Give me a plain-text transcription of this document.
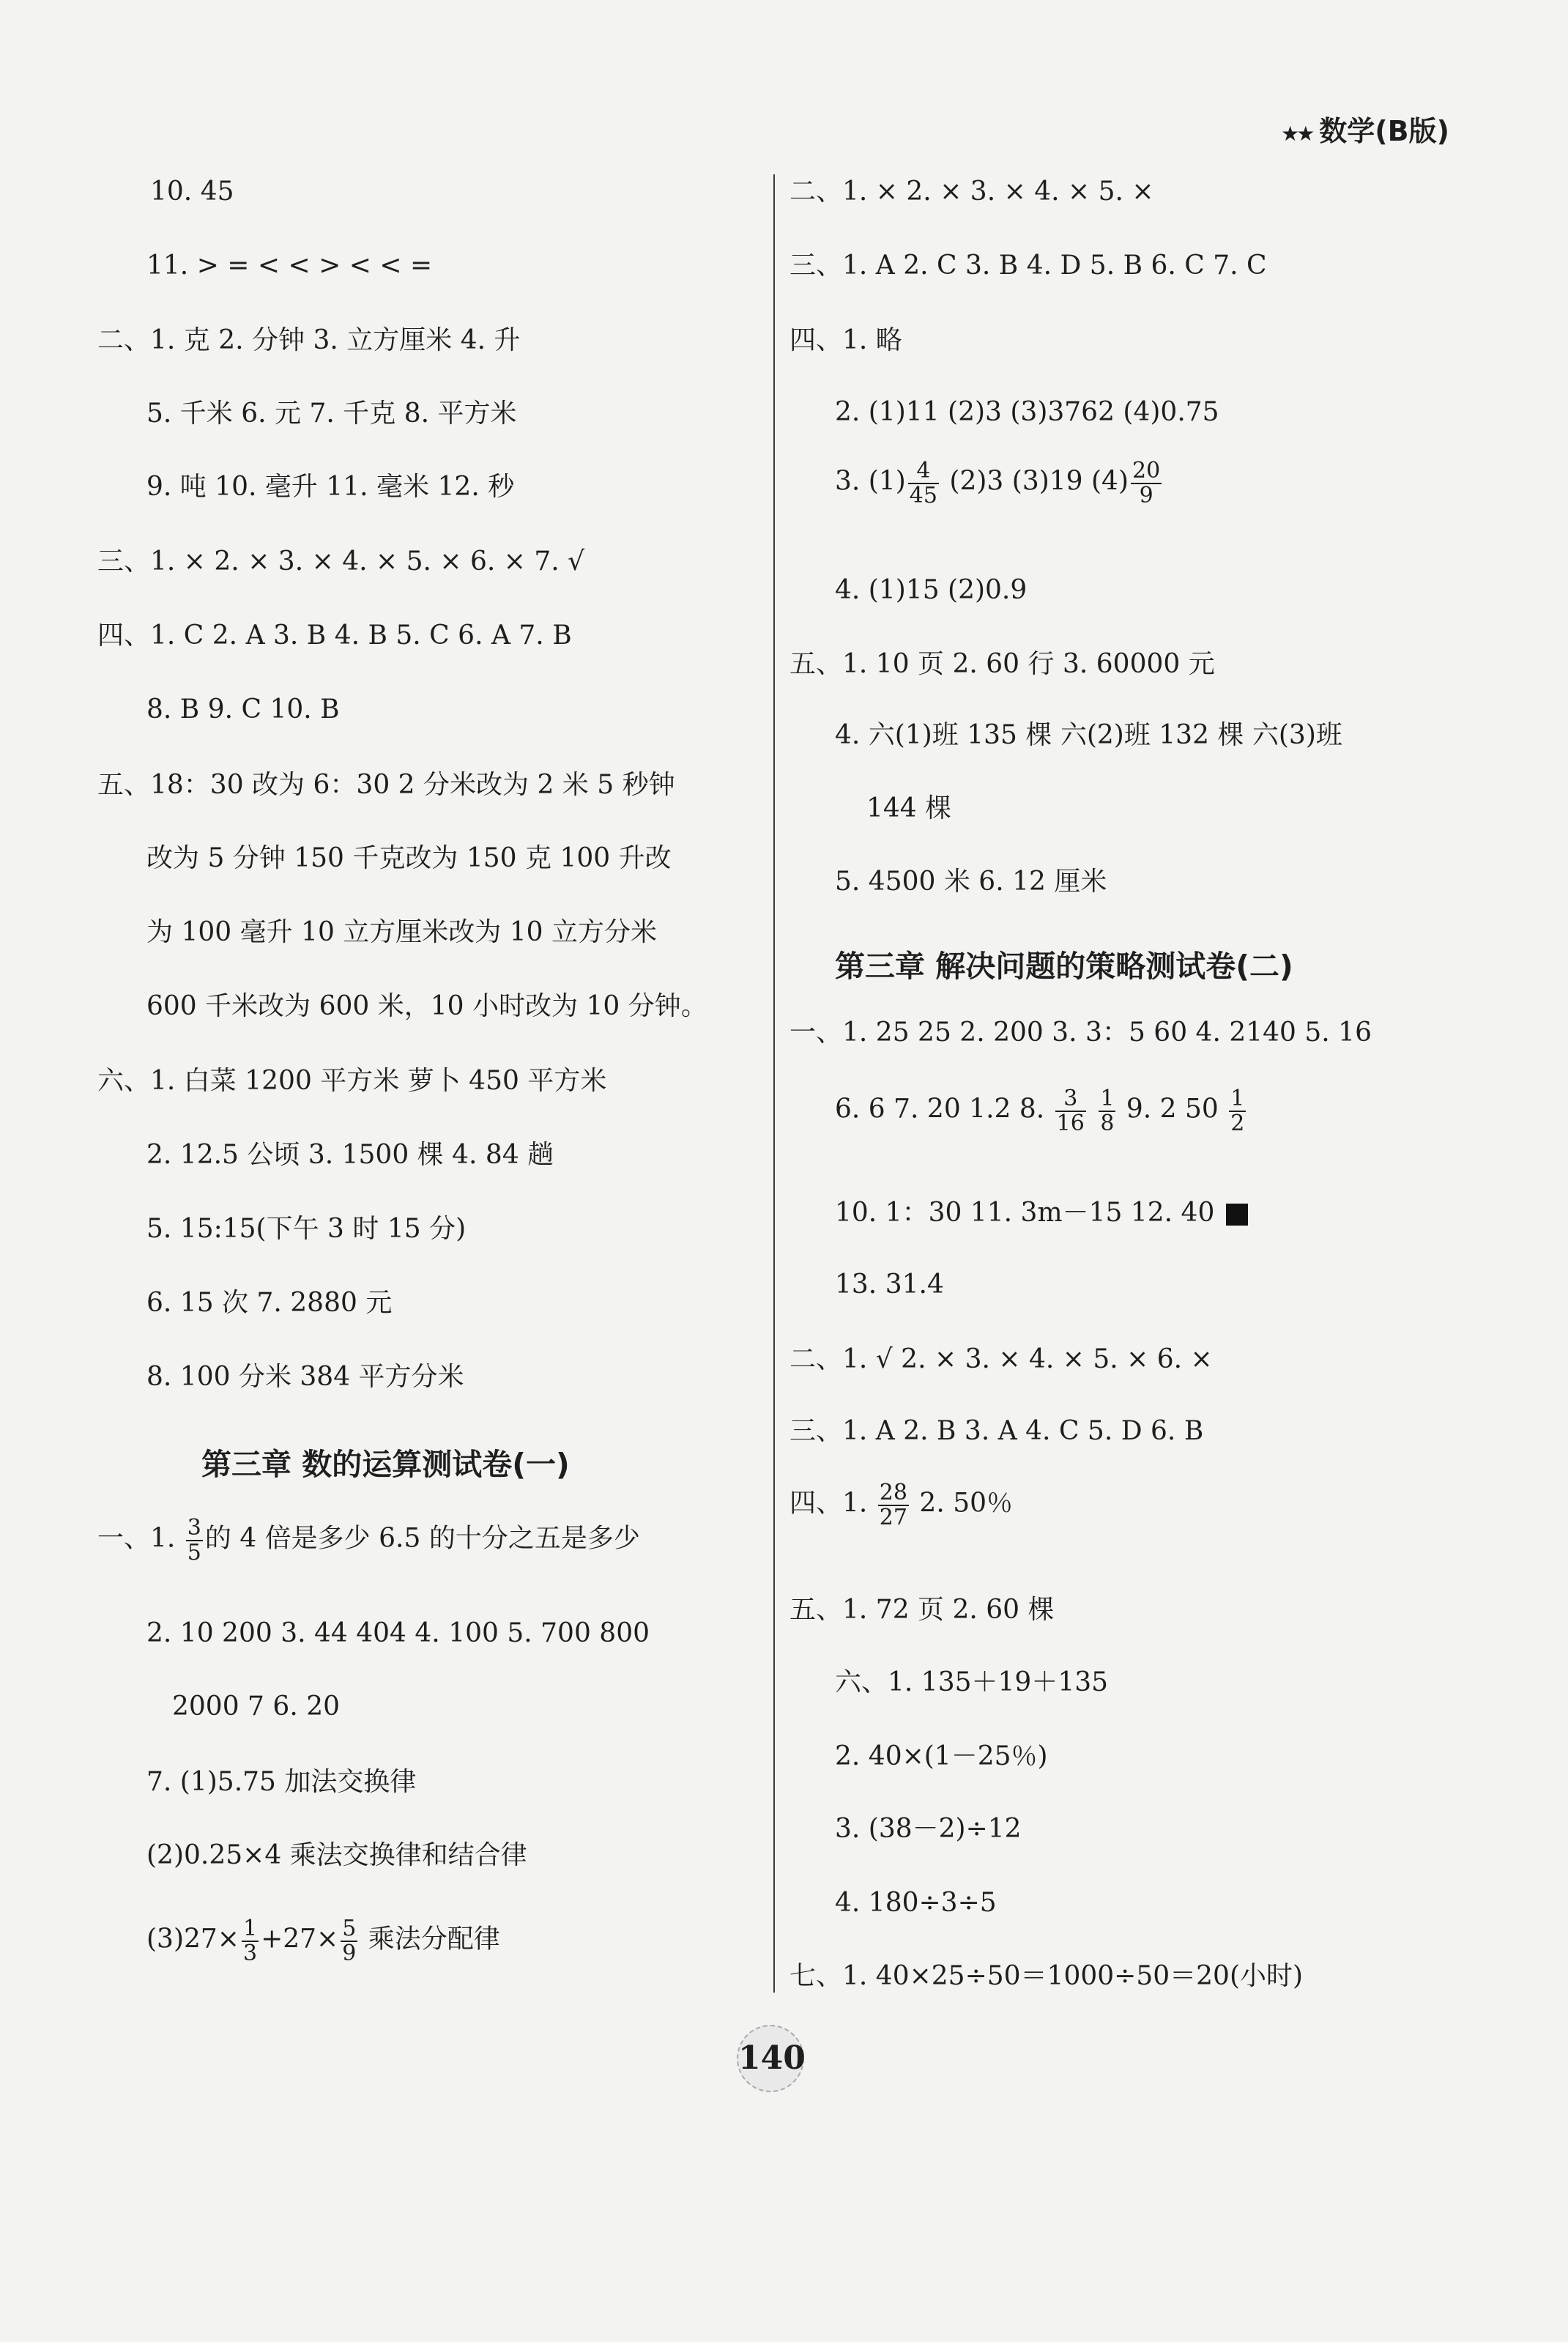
★★ 数学(B版)
10. 45
11. > = < < > < < =
二、1. 克 2. 分钟 3. 立方厘米 4. 升
5. 千米 6. 元 7. 千克 8. 平方米
9. 吨 10. 毫升 11. 毫米 12. 秒
三、1. × 2. × 3. × 4. × 5. × 6. × 7. √
四、1. C 2. A 3. B 4. B 5. C 6. A 7. B
8. B 9. C 10. B
五、18：30 改为 6：30 2 分米改为 2 米 5 秒钟
改为 5 分钟 150 千克改为 150 克 100 升改
为 100 毫升 10 立方厘米改为 10 立方分米
600 千米改为 600 米，10 小时改为 10 分钟。
六、1. 白菜 1200 平方米 萝卜 450 平方米
2. 12.5 公顷 3. 1500 棵 4. 84 趟
5. 15:15(下午 3 时 15 分)
6. 15 次 7. 2880 元
8. 100 分米 384 平方分米
第三章 数的运算测试卷(一)
一、1. $\frac{3}{5}$ 的 4 倍是多少 6.5 的十分之五是多少
2. 10 200 3. 44 404 4. 100 5. 700 800
2000 7 6. 20
7. (1)5.75 加法交换律
(2)0.25×4 乘法交换律和结合律
$(3)27\times \frac{1}{3} +27\times \frac{5}{9}$ 乘法分配律
二、1. × 2. × 3. × 4. × 5. ×
三、1. A 2. C 3. B 4. D 5. B 6. C 7. C
四、1. 略
2. (1)11 (2)3 (3)3762 (4)0.75
3. $(1) \frac{4}{45} (2)3$ (3)19 $(4) \frac{20}{9}$
4. (1)15 (2)0.9
五、1. 10 页 2. 60 行 3. 60000 元
4. 六(1)班 135 棵 六(2)班 132 棵 六(3)班
144 棵
5. 4500 米 6. 12 厘米
第三章 解决问题的策略测试卷(二)
一、1. 25 25 2. 200 3. 3：5 60 4. 2140 5. 16
6. 6 7. 20 1.2 8. $\frac{3}{16}$
$\frac{1}{8} 9$. 2 $50 \frac{1}{2}$
10. 1：30 11. 3m－15 12. 40
13. 31.4
二、1. √ 2. × 3. × 4. × 5. × 6. ×
三、1. A 2. B 3. A 4. C 5. D 6. B
四、1. $\frac{28}{27} 2$. 50％
五、1. 72 页 2. 60 棵
六、1. 135＋19＋135
2. 40×(1－25％)
3. (38－2)÷12
4. 180÷3÷5
七、1. 40×25÷50＝1000÷50＝20(小时)
140
